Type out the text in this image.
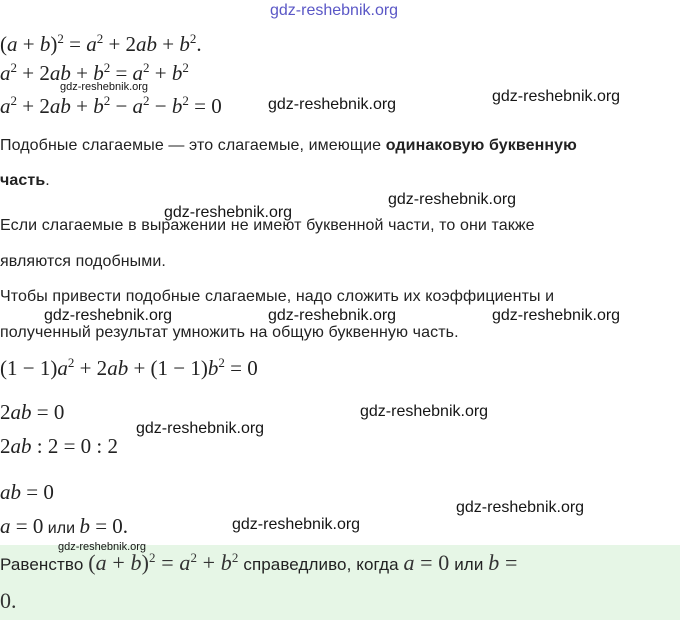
gdz-reshebnik.org
$(a + b)^2 = a^2 + 2ab + b^2$.
$a^2 + 2ab + b^2 = a^2 + b^2$
gdz-reshebnik.org
$a^2 + 2ab + b^2 - a^2 - b^2 = 0$	gdz-reshebnik.org	gdz-reshebnik.org
Подобные слагаемые — это слагаемые, имеющие одинаковую буквенную
часть.
gdz-reshebnik.org
gdz-reshebnik.org
Если слагаемые в выражении не имеют буквенной части, то они также
являются подобными.
Чтобы привести подобные слагаемые, надо сложить их коэффициенты и
полученный результат умножить на общую буквенную часть.
gdz-reshebnik.org	gdz-reshebnik.org	gdz-reshebnik.org
$(1 - 1)a^2 + 2ab + (1 - 1)b^2 = 0$
2ab = 0	gdz-reshebnik.org
gdz-reshebnik.org
2ab : 2 = 0 : 2
ab = 0
gdz-reshebnik.org
a = 0 или b = 0.	gdz-reshebnik.org
gdz-reshebnik.org
Равенство $(a + b)^2 = a^2 + b^2$ справедливо, когда a = 0 или b =
0.
